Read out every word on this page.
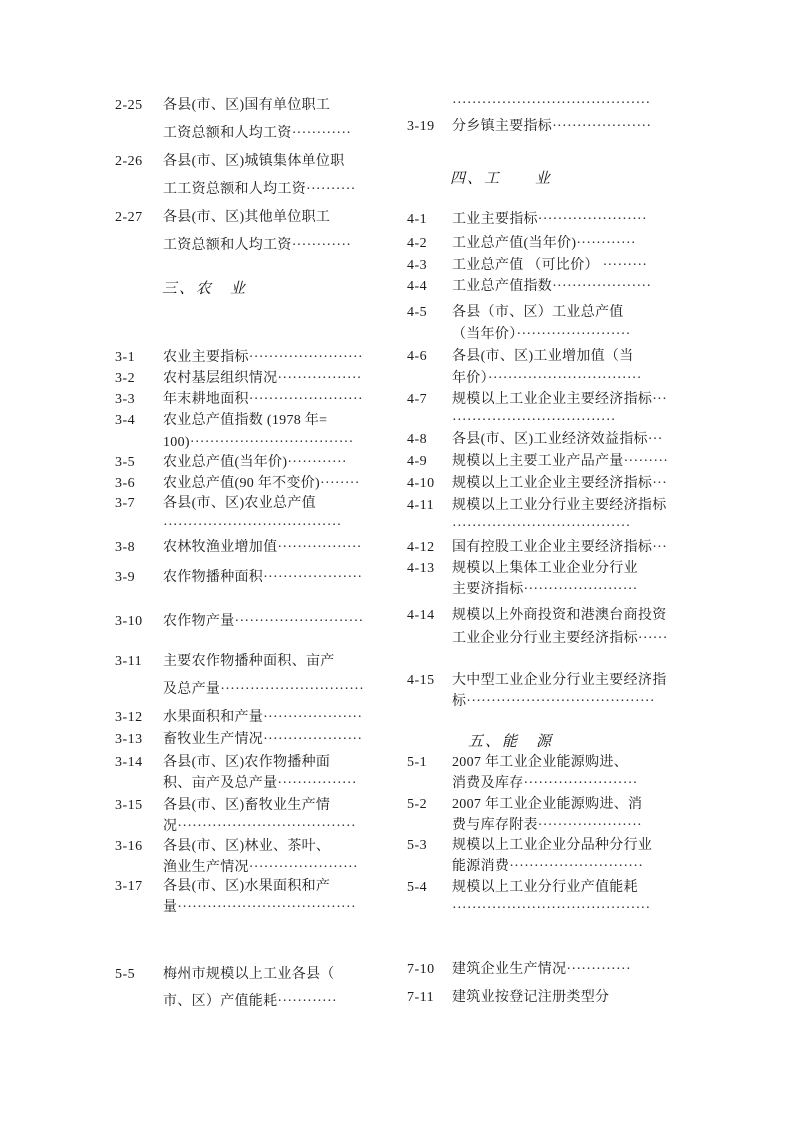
2-25	各县(市、区)国有单位职工
工资总额和人均工资············
2-26	各县(市、区)城镇集体单位职
工工资总额和人均工资··········
2-27	各县(市、区)其他单位职工
工资总额和人均工资············
三、农　业
3-1	农业主要指标·······················
3-2	农村基层组织情况·················
3-3	年末耕地面积·······················
3-4	农业总产值指数 (1978 年=
100)·································
3-5	农业总产值(当年价)············
3-6	农业总产值(90 年不变价)········
3-7	各县(市、区)农业总产值
····································
3-8	农林牧渔业增加值·················
3-9	农作物播种面积····················
3-10	农作物产量··························
3-11	主要农作物播种面积、亩产
及总产量·····························
3-12	水果面积和产量····················
3-13	畜牧业生产情况····················
3-14	各县(市、区)农作物播种面
积、亩产及总产量················
3-15	各县(市、区)畜牧业生产情
况····································
3-16	各县(市、区)林业、茶叶、
渔业生产情况······················
3-17	各县(市、区)水果面积和产
量····································
5-5	梅州市规模以上工业各县（
市、区）产值能耗············
········································
3-19	分乡镇主要指标····················
四、工　　业
4-1	工业主要指标······················
4-2	工业总产值(当年价)············
4-3	工业总产值 （可比价） ·········
4-4	工业总产值指数····················
4-5	各县（市、区）工业总产值
（当年价）·······················
4-6	各县(市、区)工业增加值（当
年价）·······························
4-7	规模以上工业企业主要经济指标···
·································
4-8	各县(市、区)工业经济效益指标···
4-9	规模以上主要工业产品产量·········
4-10	规模以上工业企业主要经济指标···
4-11	规模以上工业分行业主要经济指标
····································
4-12	国有控股工业企业主要经济指标···
4-13	规模以上集体工业企业分行业
主要济指标·······················
4-14	规模以上外商投资和港澳台商投资
工业企业分行业主要经济指标······
4-15	大中型工业企业分行业主要经济指
标······································
五、能　源
5-1	2007 年工业企业能源购进、
消费及库存·······················
5-2	2007 年工业企业能源购进、消
费与库存附表·····················
5-3	规模以上工业企业分品种分行业
能源消费···························
5-4	规模以上工业分行业产值能耗
········································
7-10	建筑企业生产情况·············
7-11	建筑业按登记注册类型分
